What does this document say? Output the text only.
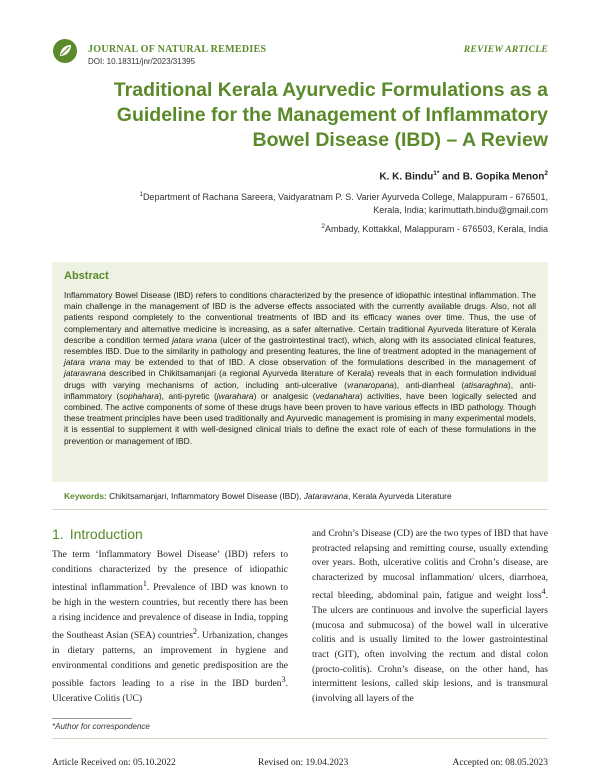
JOURNAL OF NATURAL REMEDIES
DOI: 10.18311/jnr/2023/31395
REVIEW ARTICLE
Traditional Kerala Ayurvedic Formulations as a Guideline for the Management of Inflammatory Bowel Disease (IBD) – A Review
K. K. Bindu$^{1*}$ and B. Gopika Menon$^2$
$^1$Department of Rachana Sareera, Vaidyaratnam P. S. Varier Ayurveda College, Malappuram - 676501, Kerala, India; karimuttath.bindu@gmail.com
$^2$Ambady, Kottakkal, Malappuram - 676503, Kerala, India
Abstract
Inflammatory Bowel Disease (IBD) refers to conditions characterized by the presence of idiopathic intestinal inflammation. The main challenge in the management of IBD is the adverse effects associated with the currently available drugs. Also, not all patients respond completely to the conventional treatments of IBD and its efficacy wanes over time. Thus, the use of complementary and alternative medicine is increasing, as a safer alternative. Certain traditional Ayurveda literature of Kerala describe a condition termed jatara vrana (ulcer of the gastrointestinal tract), which, along with its associated clinical features, resembles IBD. Due to the similarity in pathology and presenting features, the line of treatment adopted in the management of jatara vrana may be extended to that of IBD. A close observation of the formulations described in the management of jataravrana described in Chikitsamanjari (a regional Ayurveda literature of Kerala) reveals that in each formulation individual drugs with varying mechanisms of action, including anti-ulcerative (vranaropana), anti-diarrheal (atisaraghna), anti-inflammatory (sophahara), anti-pyretic (jwarahara) or analgesic (vedanahara) activities, have been logically selected and combined. The active components of some of these drugs have been proven to have various effects in IBD pathology. Though these treatment principles have been used traditionally and Ayurvedic management is promising in many experimental models, it is essential to supplement it with well-designed clinical trials to define the exact role of each of these formulations in the prevention or management of IBD.
Keywords: Chikitsamanjari, Inflammatory Bowel Disease (IBD), Jataravrana, Kerala Ayurveda Literature
1. Introduction
The term ‘Inflammatory Bowel Disease’ (IBD) refers to conditions characterized by the presence of idiopathic intestinal inflammation$^1$. Prevalence of IBD was known to be high in the western countries, but recently there has been a rising incidence and prevalence of disease in India, topping the Southeast Asian (SEA) countries$^2$. Urbanization, changes in dietary patterns, an improvement in hygiene and environmental conditions and genetic predisposition are the possible factors leading to a rise in the IBD burden$^3$. Ulcerative Colitis (UC)
and Crohn’s Disease (CD) are the two types of IBD that have protracted relapsing and remitting course, usually extending over years. Both, ulcerative colitis and Crohn’s disease, are characterized by mucosal inflammation/ ulcers, diarrhoea, rectal bleeding, abdominal pain, fatigue and weight loss$^4$. The ulcers are continuous and involve the superficial layers (mucosa and submucosa) of the bowel wall in ulcerative colitis and is usually limited to the lower gastrointestinal tract (GIT), often involving the rectum and distal colon (procto-colitis). Crohn’s disease, on the other hand, has intermittent lesions, called skip lesions, and is transmural (involving all layers of the
*Author for correspondence
Article Received on: 05.10.2022	Revised on: 19.04.2023	Accepted on: 08.05.2023
